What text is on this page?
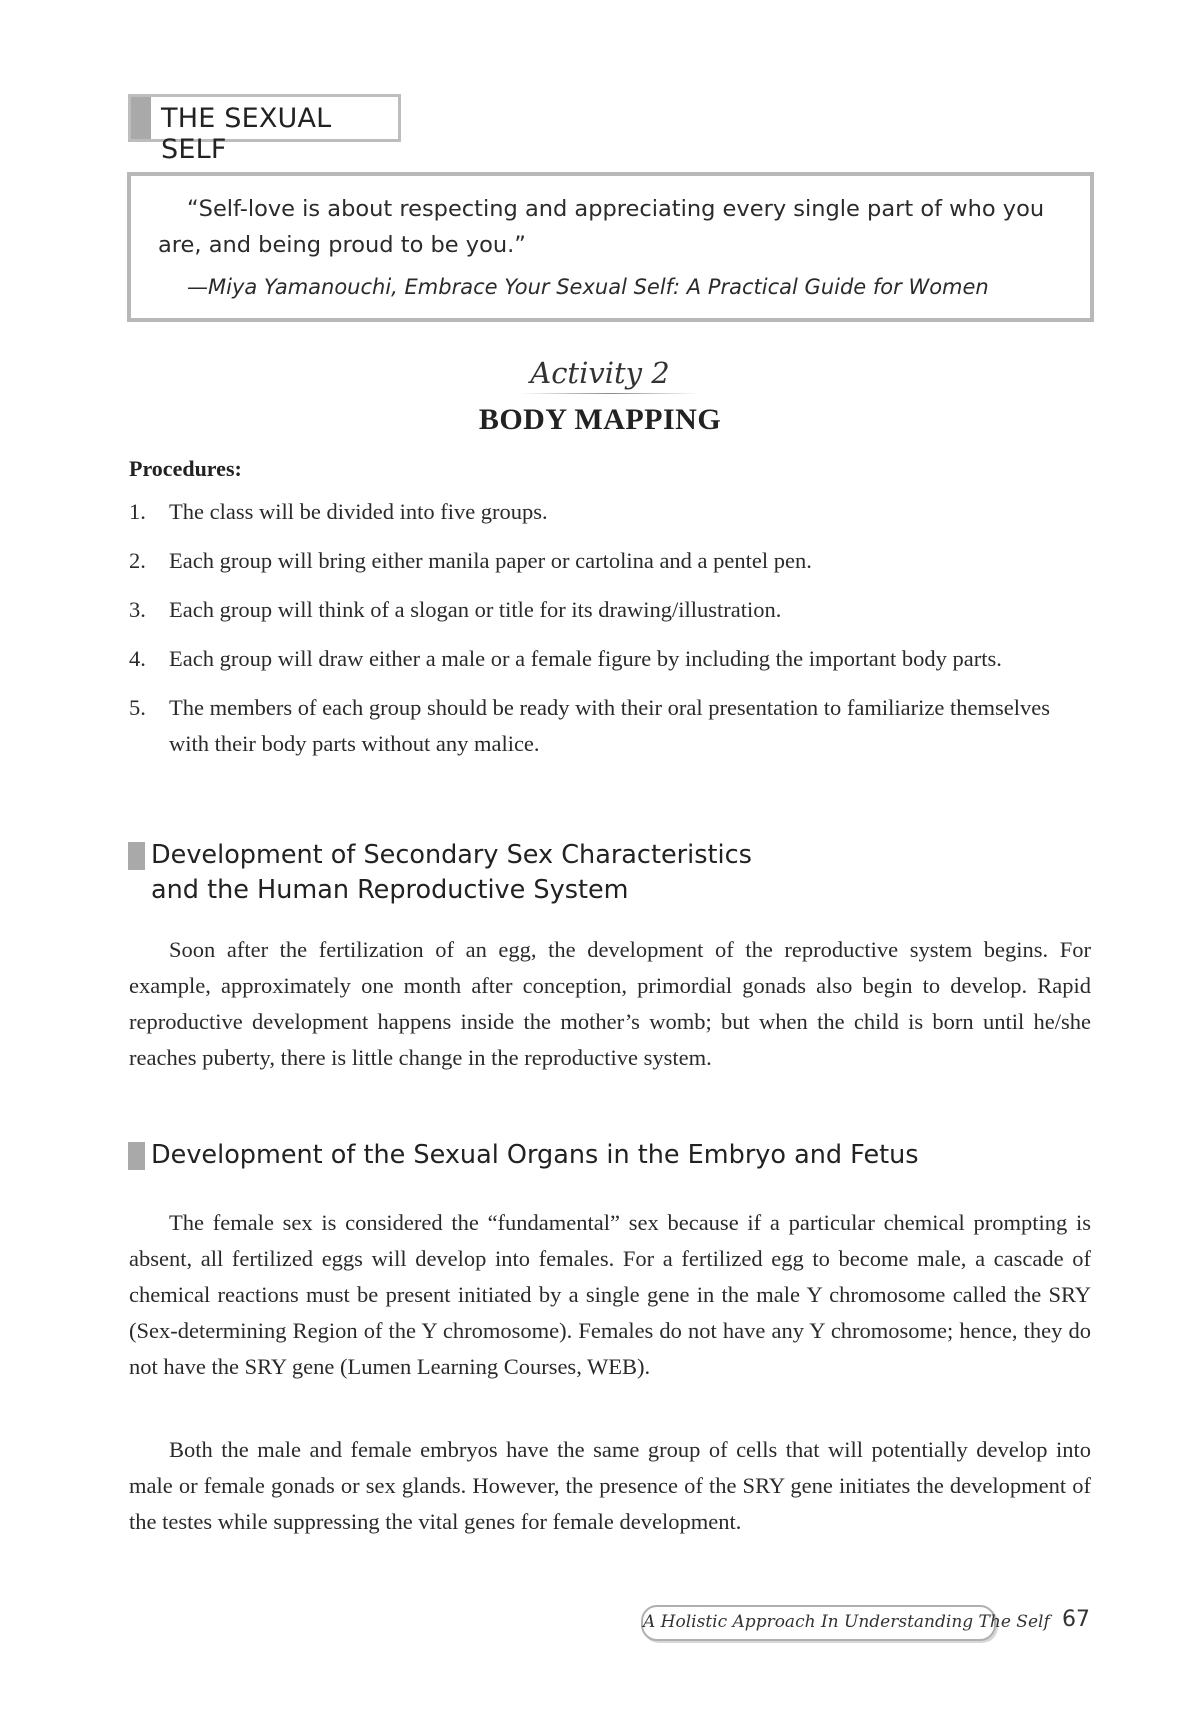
THE SEXUAL SELF
“Self-love is about respecting and appreciating every single part of who you
are, and being proud to be you.”
—Miya Yamanouchi, Embrace Your Sexual Self: A Practical Guide for Women
Activity 2
BODY MAPPING
Procedures:
1. The class will be divided into five groups.
2. Each group will bring either manila paper or cartolina and a pentel pen.
3. Each group will think of a slogan or title for its drawing/illustration.
4. Each group will draw either a male or a female figure by including the important body parts.
5. The members of each group should be ready with their oral presentation to familiarize themselves with their body parts without any malice.
Development of Secondary Sex Characteristics
and the Human Reproductive System

Soon after the fertilization of an egg, the development of the reproductive system begins. For example, approximately one month after conception, primordial gonads also begin to develop. Rapid reproductive development happens inside the mother’s womb; but when the child is born until he/she reaches puberty, there is little change in the reproductive system.

Development of the Sexual Organs in the Embryo and Fetus

The female sex is considered the “fundamental” sex because if a particular chemical prompting is absent, all fertilized eggs will develop into females. For a fertilized egg to become male, a cascade of chemical reactions must be present initiated by a single gene in the male Y chromosome called the SRY (Sex-determining Region of the Y chromosome). Females do not have any Y chromosome; hence, they do not have the SRY gene (Lumen Learning Courses, WEB).

Both the male and female embryos have the same group of cells that will potentially develop into male or female gonads or sex glands. However, the presence of the SRY gene initiates the development of the testes while suppressing the vital genes for female development.

A Holistic Approach In Understanding The Self 67
